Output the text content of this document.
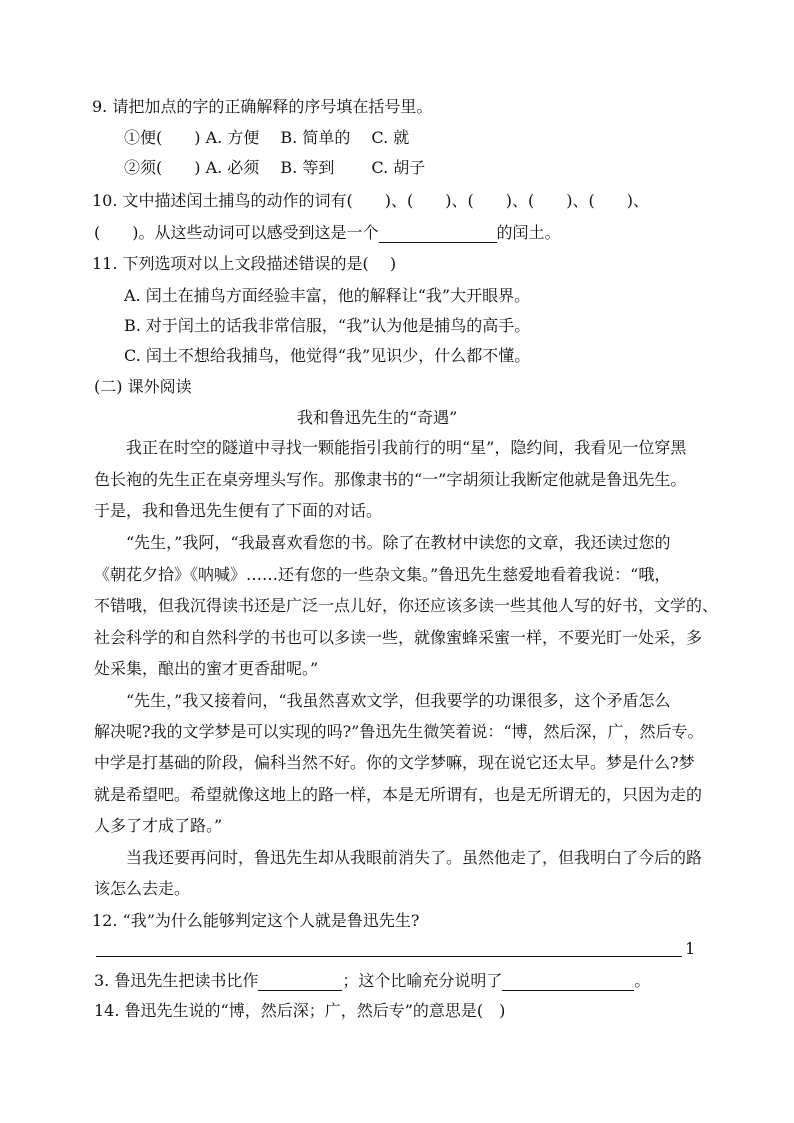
9. 请把加点的字的正确解释的序号填在括号里。
①便(　　) A. 方便　 B. 简单的　 C. 就
②须(　　) A. 必须　 B. 等到　　 C. 胡子
10. 文中描述闰土捕鸟的动作的词有(　　)、(　　)、(　　)、(　　)、(　　)、
(　　)。从这些动词可以感受到这是一个	的闰土。
11. 下列选项对以上文段描述错误的是(　 )
A. 闰土在捕鸟方面经验丰富，他的解释让“我”大开眼界。
B. 对于闰土的话我非常信服，“我”认为他是捕鸟的高手。
C. 闰土不想给我捕鸟，他觉得“我”见识少，什么都不懂。
(二) 课外阅读
我和鲁迅先生的“奇遇”
　　我正在时空的隧道中寻找一颗能指引我前行的明“星”，隐约间，我看见一位穿黑
色长袍的先生正在桌旁埋头写作。那像隶书的“一”字胡须让我断定他就是鲁迅先生。
于是，我和鲁迅先生便有了下面的对话。
　　“先生，”我阿，“我最喜欢看您的书。除了在教材中读您的文章，我还读过您的
《朝花夕拾》《呐喊》……还有您的一些杂文集。”鲁迅先生慈爱地看着我说：“哦，
不错哦，但我沉得读书还是广泛一点儿好，你还应该多读一些其他人写的好书，文学的、
社会科学的和自然科学的书也可以多读一些，就像蜜蜂采蜜一样，不要光盯一处采，多
处采集，酿出的蜜才更香甜呢。”
　　“先生，”我又接着问，“我虽然喜欢文学，但我要学的功课很多，这个矛盾怎么
解决呢?我的文学梦是可以实现的吗?”鲁迅先生微笑着说：“博，然后深，广，然后专。
中学是打基础的阶段，偏科当然不好。你的文学梦嘛，现在说它还太早。梦是什么?梦
就是希望吧。希望就像这地上的路一样，本是无所谓有，也是无所谓无的，只因为走的
人多了才成了路。”
　　当我还要再问时，鲁迅先生却从我眼前消失了。虽然他走了，但我明白了今后的路
该怎么去走。
12. “我”为什么能够判定这个人就是鲁迅先生?
1
3. 鲁迅先生把读书比作	；这个比喻充分说明了	。
14. 鲁迅先生说的“博，然后深；广，然后专”的意思是(　)
